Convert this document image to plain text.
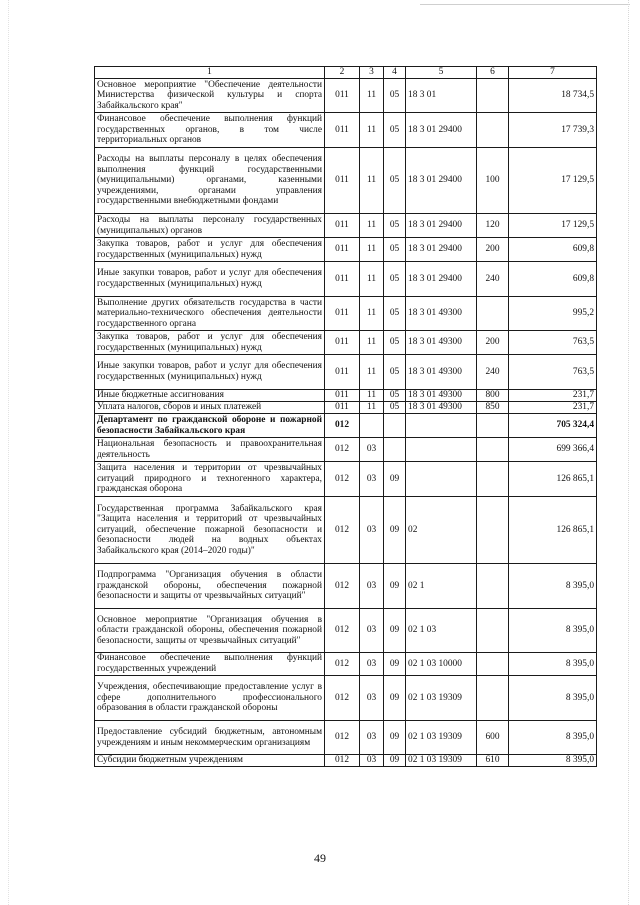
1	2	3	4	5	6	7
Основное мероприятие "Обеспечение деятельности Министерства физической культуры и спорта Забайкальского края"	011	11	05	18 3 01		18 734,5
Финансовое обеспечение выполнения функций государственных органов, в том числе территориальных органов	011	11	05	18 3 01 29400		17 739,3
Расходы на выплаты персоналу в целях обеспечения выполнения функций государственными (муниципальными) органами, казенными учреждениями, органами управления государственными внебюджетными фондами	011	11	05	18 3 01 29400	100	17 129,5
Расходы на выплаты персоналу государственных (муниципальных) органов	011	11	05	18 3 01 29400	120	17 129,5
Закупка товаров, работ и услуг для обеспечения государственных (муниципальных) нужд	011	11	05	18 3 01 29400	200	609,8
Иные закупки товаров, работ и услуг для обеспечения государственных (муниципальных) нужд	011	11	05	18 3 01 29400	240	609,8
Выполнение других обязательств государства в части материально-технического обеспечения деятельности государственного органа	011	11	05	18 3 01 49300		995,2
Закупка товаров, работ и услуг для обеспечения государственных (муниципальных) нужд	011	11	05	18 3 01 49300	200	763,5
Иные закупки товаров, работ и услуг для обеспечения государственных (муниципальных) нужд	011	11	05	18 3 01 49300	240	763,5
Иные бюджетные ассигнования	011	11	05	18 3 01 49300	800	231,7
Уплата налогов, сборов и иных платежей	011	11	05	18 3 01 49300	850	231,7
Департамент по гражданской обороне и пожарной безопасности Забайкальского края	012					705 324,4
Национальная безопасность и правоохранительная деятельность	012	03				699 366,4
Защита населения и территории от чрезвычайных ситуаций природного и техногенного характера, гражданская оборона	012	03	09			126 865,1
Государственная программа Забайкальского края "Защита населения и территорий от чрезвычайных ситуаций, обеспечение пожарной безопасности и безопасности людей на водных объектах Забайкальского края (2014–2020 годы)"	012	03	09	02		126 865,1
Подпрограмма "Организация обучения в области гражданской обороны, обеспечения пожарной безопасности и защиты от чрезвычайных ситуаций"	012	03	09	02 1		8 395,0
Основное мероприятие "Организация обучения в области гражданской обороны, обеспечения пожарной безопасности, защиты от чрезвычайных ситуаций"	012	03	09	02 1 03		8 395,0
Финансовое обеспечение выполнения функций государственных учреждений	012	03	09	02 1 03 10000		8 395,0
Учреждения, обеспечивающие предоставление услуг в сфере дополнительного профессионального образования в области гражданской обороны	012	03	09	02 1 03 19309		8 395,0
Предоставление субсидий бюджетным, автономным учреждениям и иным некоммерческим организациям	012	03	09	02 1 03 19309	600	8 395,0
Субсидии бюджетным учреждениям	012	03	09	02 1 03 19309	610	8 395,0
49
